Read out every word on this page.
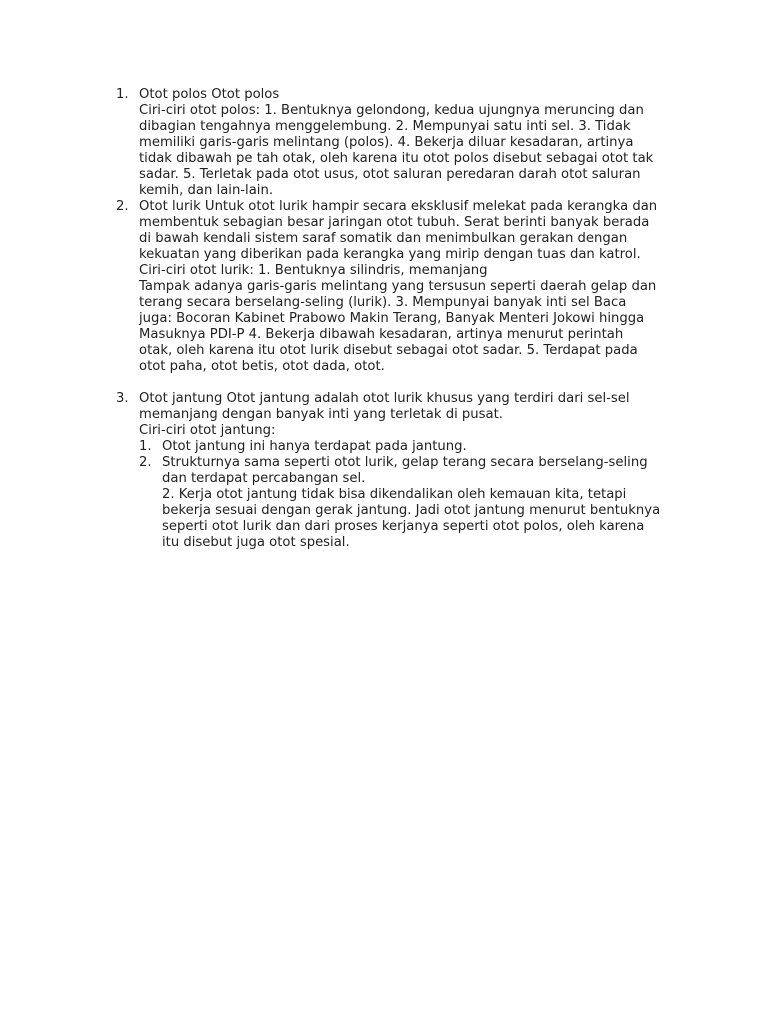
1. Otot polos Otot polos
Ciri-ciri otot polos: 1. Bentuknya gelondong, kedua ujungnya meruncing dan
dibagian tengahnya menggelembung. 2. Mempunyai satu inti sel. 3. Tidak
memiliki garis-garis melintang (polos). 4. Bekerja diluar kesadaran, artinya
tidak dibawah pe tah otak, oleh karena itu otot polos disebut sebagai otot tak
sadar. 5. Terletak pada otot usus, otot saluran peredaran darah otot saluran
kemih, dan lain-lain.
2. Otot lurik Untuk otot lurik hampir secara eksklusif melekat pada kerangka dan
membentuk sebagian besar jaringan otot tubuh. Serat berinti banyak berada
di bawah kendali sistem saraf somatik dan menimbulkan gerakan dengan
kekuatan yang diberikan pada kerangka yang mirip dengan tuas dan katrol.
Ciri-ciri otot lurik: 1. Bentuknya silindris, memanjang
Tampak adanya garis-garis melintang yang tersusun seperti daerah gelap dan
terang secara berselang-seling (lurik). 3. Mempunyai banyak inti sel Baca
juga: Bocoran Kabinet Prabowo Makin Terang, Banyak Menteri Jokowi hingga
Masuknya PDI-P 4. Bekerja dibawah kesadaran, artinya menurut perintah
otak, oleh karena itu otot lurik disebut sebagai otot sadar. 5. Terdapat pada
otot paha, otot betis, otot dada, otot.
3. Otot jantung Otot jantung adalah otot lurik khusus yang terdiri dari sel-sel
memanjang dengan banyak inti yang terletak di pusat.
Ciri-ciri otot jantung:
1. Otot jantung ini hanya terdapat pada jantung.
2. Strukturnya sama seperti otot lurik, gelap terang secara berselang-seling
dan terdapat percabangan sel.
2. Kerja otot jantung tidak bisa dikendalikan oleh kemauan kita, tetapi
bekerja sesuai dengan gerak jantung. Jadi otot jantung menurut bentuknya
seperti otot lurik dan dari proses kerjanya seperti otot polos, oleh karena
itu disebut juga otot spesial.
